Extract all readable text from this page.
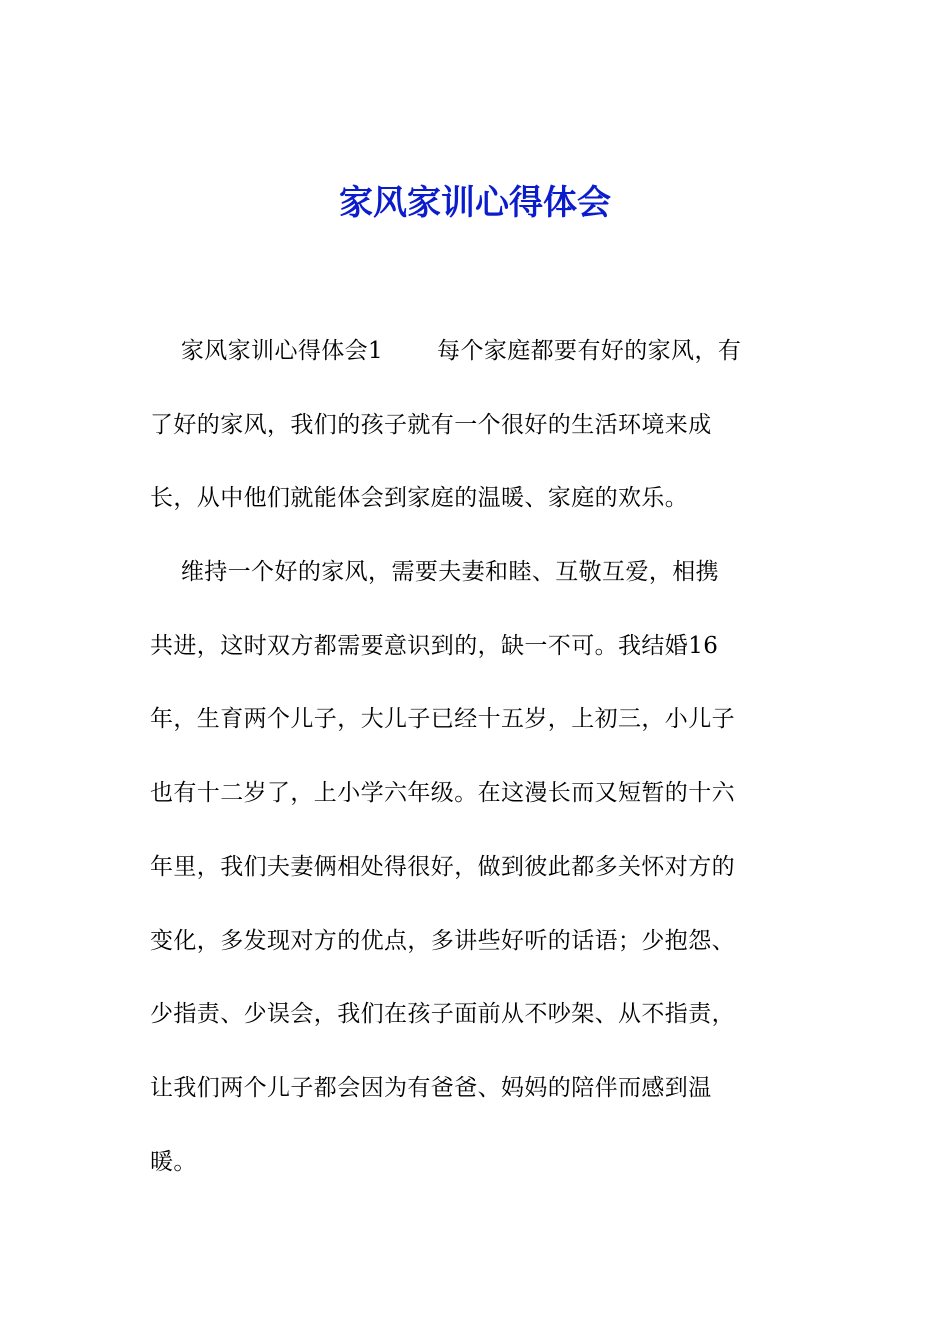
家风家训心得体会
家风家训心得体会1       每个家庭都要有好的家风，有
了好的家风，我们的孩子就有一个很好的生活环境来成
长，从中他们就能体会到家庭的温暖、家庭的欢乐。
维持一个好的家风，需要夫妻和睦、互敬互爱，相携
共进，这时双方都需要意识到的，缺一不可。我结婚16
年，生育两个儿子，大儿子已经十五岁，上初三，小儿子
也有十二岁了，上小学六年级。在这漫长而又短暂的十六
年里，我们夫妻俩相处得很好，做到彼此都多关怀对方的
变化，多发现对方的优点，多讲些好听的话语；少抱怨、
少指责、少误会，我们在孩子面前从不吵架、从不指责，
让我们两个儿子都会因为有爸爸、妈妈的陪伴而感到温
暖。
